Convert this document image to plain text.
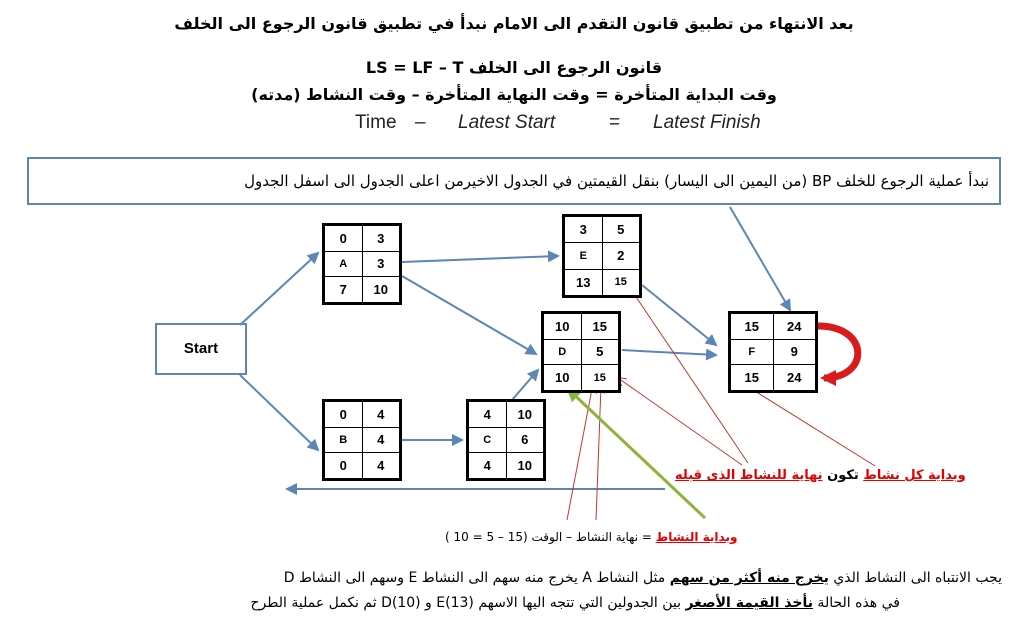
بعد الانتهاء من تطبيق قانون التقدم الى الامام نبدأ في تطبيق قانون الرجوع الى الخلف
LS = LF – T قانون الرجوع الى الخلف
وقت البداية المتأخرة = وقت النهاية المتأخرة – وقت النشاط (مدته)
Time – Latest Start	= Latest Finish
نبدأ عملية الرجوع للخلف BP (من اليمين الى اليسار) بنقل القيمتين في الجدول الاخيرمن اعلى الجدول الى اسفل الجدول
Start
0	3
A	3
7	10
0	4
B	4
0	4
4	10
C	6
4	10
10	15
D	5
10	15
3	5
E	2
13	15
15	24
F	9
15	24
وبداية كل نشاط تكون نهاية للنشاط الذى قبله
وبداية النشاط = نهاية النشاط – الوقت (15 – 5 = 10 )
يجب الانتباه الى النشاط الذي يخرج منه أكثر من سهم مثل النشاط A يخرج منه سهم الى النشاط E وسهم الى النشاط D
في هذه الحالة نأخذ القيمة الأصغر بين الجدولين التي تتجه اليها الاسهم E(13) و D(10) ثم نكمل عملية الطرح
